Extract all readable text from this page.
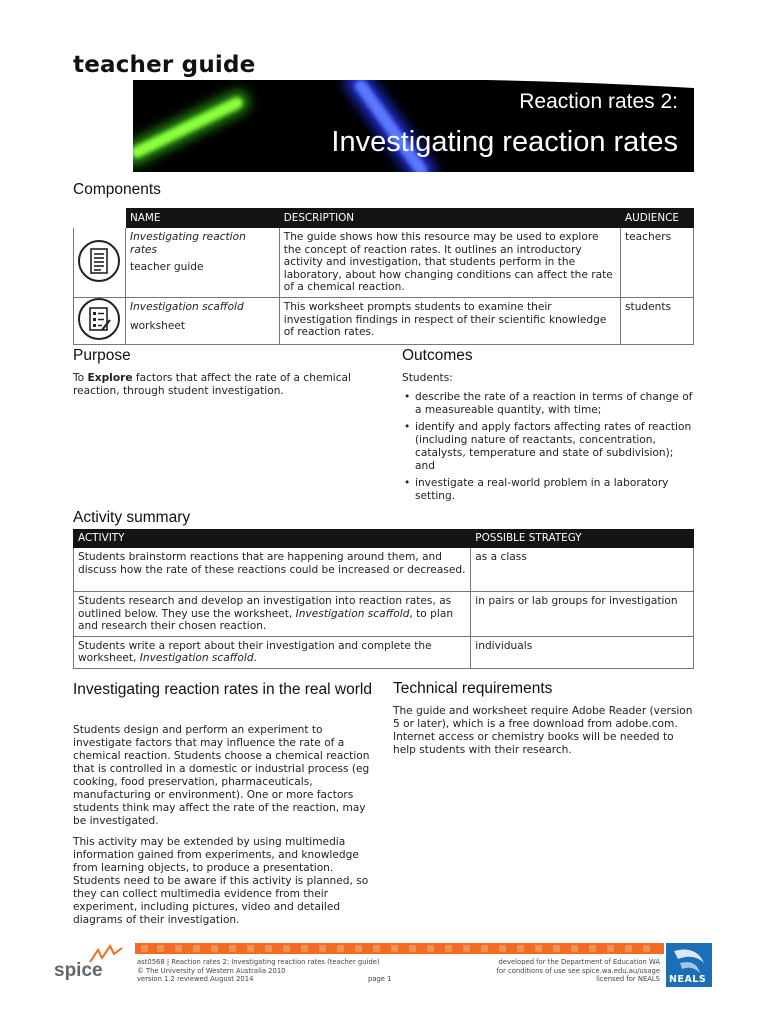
teacher guide
Reaction rates 2:
Investigating reaction rates
Components
	NAME	DESCRIPTION	AUDIENCE

Investigating reaction rates
teacher guide	The guide shows how this resource may be used to explore the concept of reaction rates. It outlines an introductory activity and investigation, that students perform in the laboratory, about how changing conditions can affect the rate of a chemical reaction.	teachers

Investigation scaffold
worksheet	This worksheet prompts students to examine their investigation findings in respect of their scientific knowledge of reaction rates.	students
Purpose
To Explore factors that affect the rate of a chemical reaction, through student investigation.
Outcomes
Students:
• describe the rate of a reaction in terms of change of a measureable quantity, with time;
• identify and apply factors affecting rates of reaction (including nature of reactants, concentration, catalysts, temperature and state of subdivision); and
• investigate a real-world problem in a laboratory setting.
Activity summary
ACTIVITY	POSSIBLE STRATEGY
Students brainstorm reactions that are happening around them, and discuss how the rate of these reactions could be increased or decreased.	as a class
Students research and develop an investigation into reaction rates, as outlined below. They use the worksheet, Investigation scaffold, to plan and research their chosen reaction.	in pairs or lab groups for investigation
Students write a report about their investigation and complete the worksheet, Investigation scaffold.	individuals
Investigating reaction rates in the real world
Students design and perform an experiment to investigate factors that may influence the rate of a chemical reaction. Students choose a chemical reaction that is controlled in a domestic or industrial process (eg cooking, food preservation, pharmaceuticals, manufacturing or environment). One or more factors students think may affect the rate of the reaction, may be investigated.
This activity may be extended by using multimedia information gained from experiments, and knowledge from learning objects, to produce a presentation. Students need to be aware if this activity is planned, so they can collect multimedia evidence from their experiment, including pictures, video and detailed diagrams of their investigation.
Technical requirements
The guide and worksheet require Adobe Reader (version 5 or later), which is a free download from adobe.com. Internet access or chemistry books will be needed to help students with their research.
spice	ast0568 | Reaction rates 2: Investigating reaction rates (teacher guide)
© The University of Western Australia 2010
version 1.2 reviewed August 2014	page 1
developed for the Department of Education WA
for conditions of use see spice.wa.edu.au/usage
licensed for NEALS NEALS
